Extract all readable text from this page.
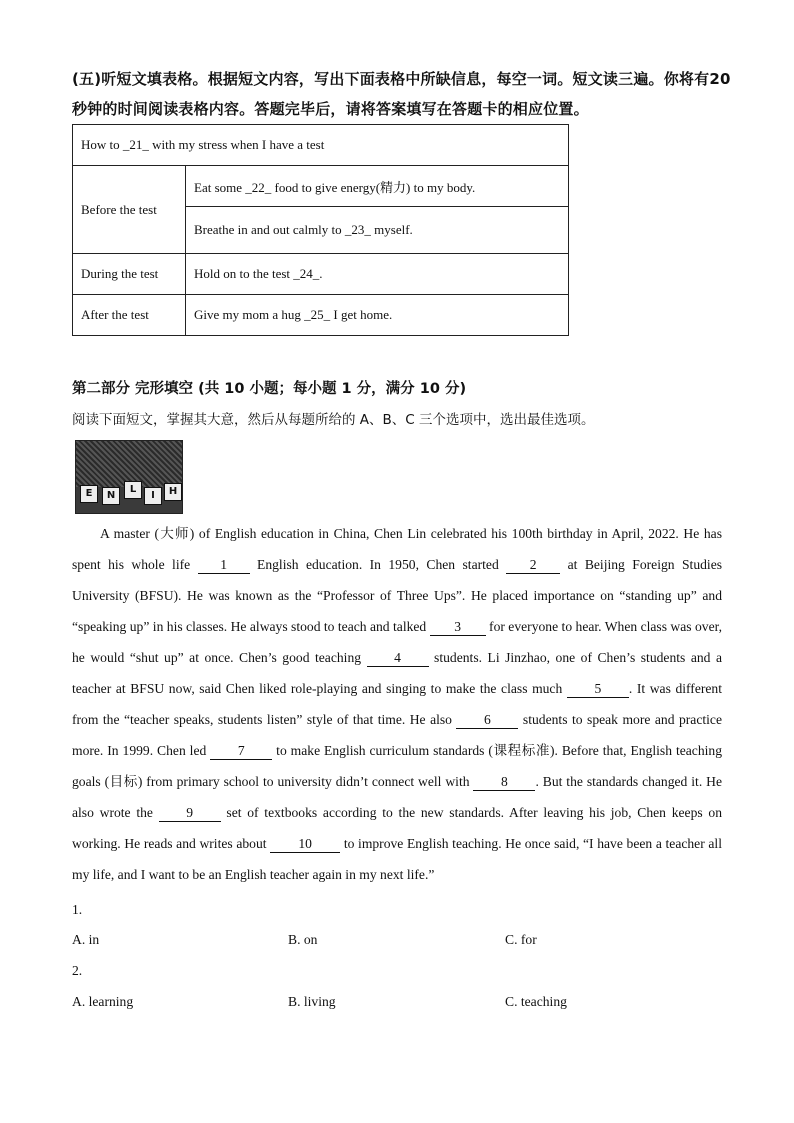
(五)听短文填表格。根据短文内容，写出下面表格中所缺信息，每空一词。短文读三遍。你将有20秒钟的时间阅读表格内容。答题完毕后，请将答案填写在答题卡的相应位置。
How to _21_ with my stress when I have a test	
Before the test	Eat some _22_ food to give energy(精力) to my body.
	Breathe in and out calmly to _23_ myself.
During the test	Hold on to the test _24_.
After the test	Give my mom a hug _25_ I get home.
第二部分 完形填空 (共 10 小题；每小题 1 分，满分 10 分)
阅读下面短文，掌握其大意，然后从每题所给的 A、B、C 三个选项中，选出最佳选项。
E	N
L
I	H

A master (大师) of English education in China, Chen Lin celebrated his 100th birthday in April, 2022. He has spent his whole life 1 English education. In 1950, Chen started 2 at Beijing Foreign Studies University (BFSU). He was known as the “Professor of Three Ups”. He placed importance on “standing up” and “speaking up” in his classes. He always stood to teach and talked 3 for everyone to hear. When class was over, he would “shut up” at once. Chen’s good teaching 4 students. Li Jinzhao, one of Chen’s students and a teacher at BFSU now, said Chen liked role-playing and singing to make the class much 5 . It was different from the “teacher speaks, students listen” style of that time. He also 6 students to speak more and practice more. In 1999. Chen led 7 to make English curriculum standards (课程标准). Before that, English teaching goals (目标) from primary school to university didn’t connect well with 8 . But the standards changed it. He also wrote the 9 set of textbooks according to the new standards. After leaving his job, Chen keeps on working. He reads and writes about 10 to improve English teaching. He once said, “I have been a teacher all my life, and I want to be an English teacher again in my next life.”

1.
A. in	B. on	C. for
2.
A. learning	B. living	C. teaching
